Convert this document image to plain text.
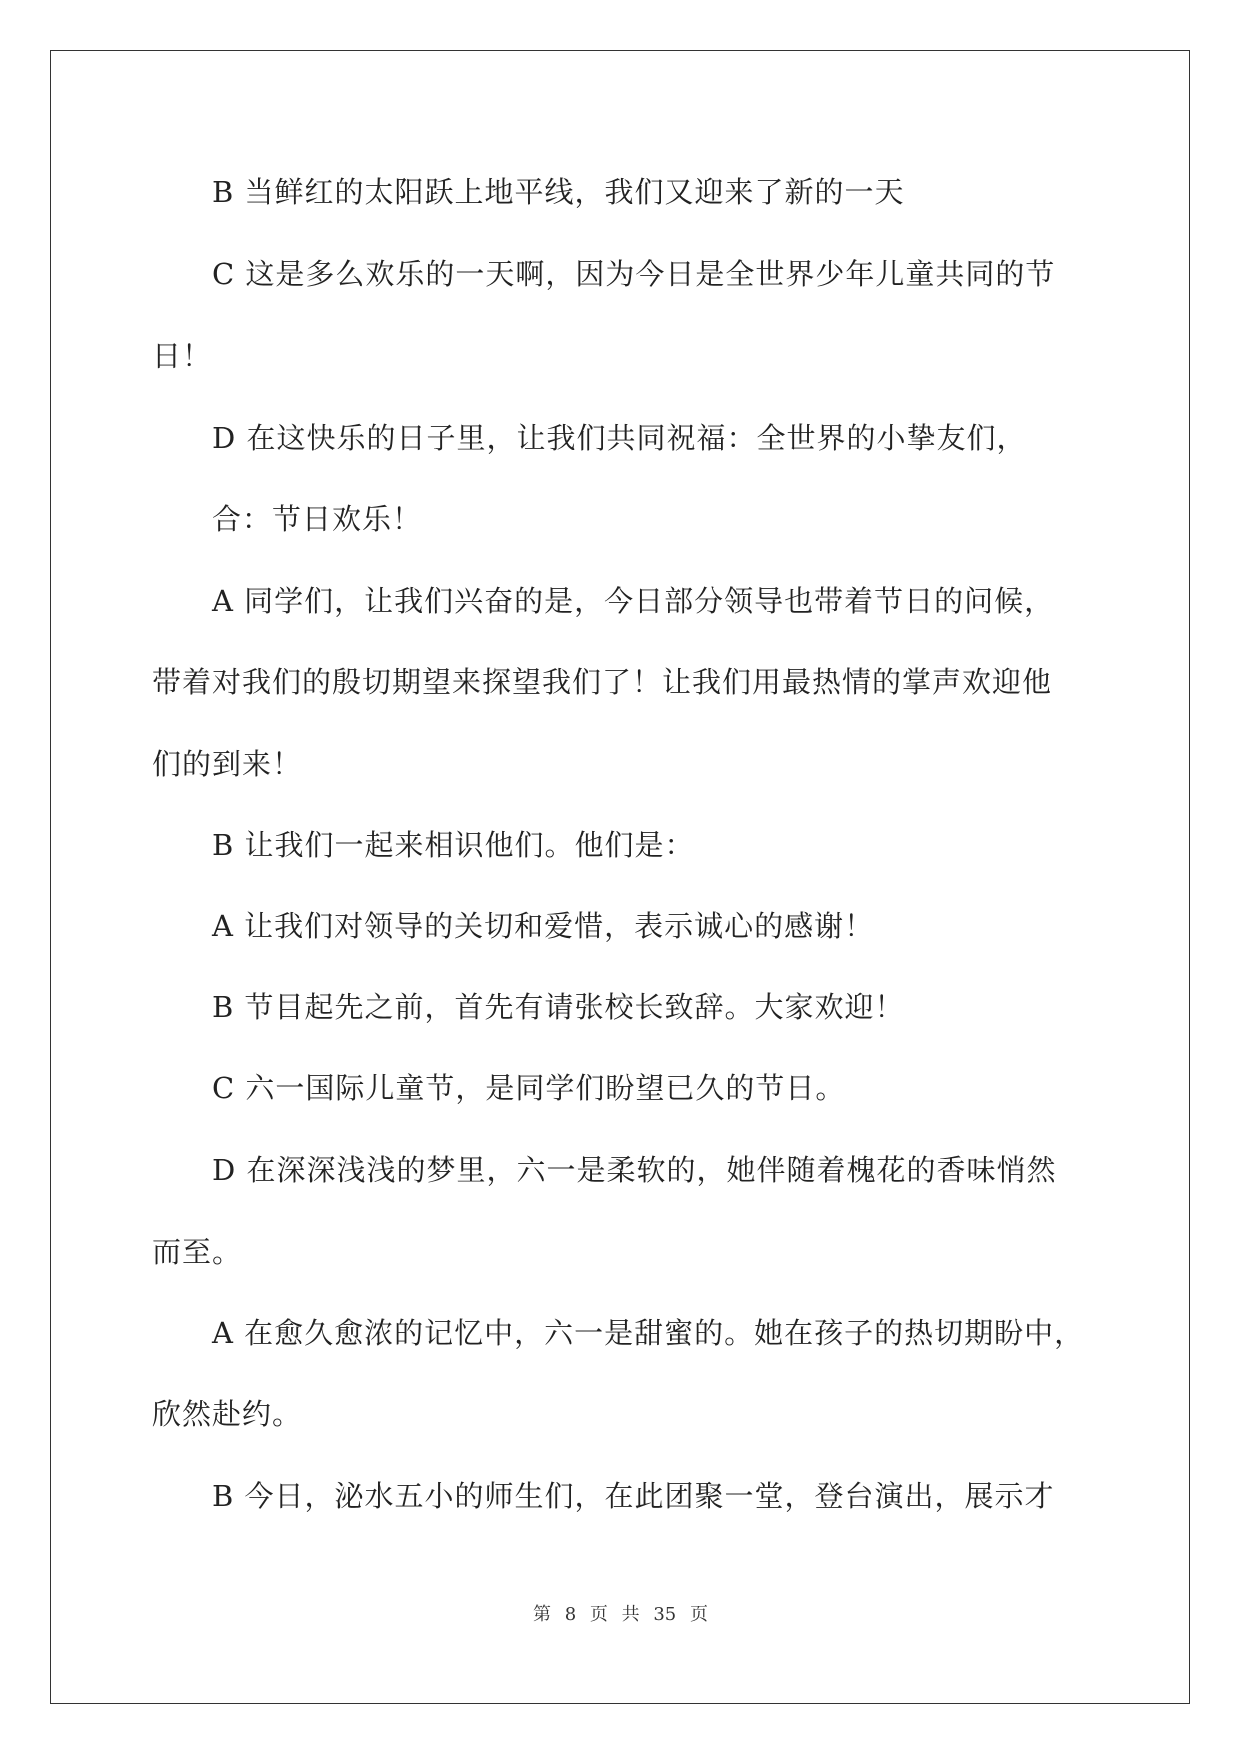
B 当鲜红的太阳跃上地平线，我们又迎来了新的一天
C 这是多么欢乐的一天啊，因为今日是全世界少年儿童共同的节
日！
D 在这快乐的日子里，让我们共同祝福：全世界的小挚友们，
合：节日欢乐！
A 同学们，让我们兴奋的是，今日部分领导也带着节日的问候，
带着对我们的殷切期望来探望我们了！让我们用最热情的掌声欢迎他
们的到来！
B 让我们一起来相识他们。他们是：
A 让我们对领导的关切和爱惜，表示诚心的感谢！
B 节目起先之前，首先有请张校长致辞。大家欢迎！
C 六一国际儿童节，是同学们盼望已久的节日。
D 在深深浅浅的梦里，六一是柔软的，她伴随着槐花的香味悄然
而至。
A 在愈久愈浓的记忆中，六一是甜蜜的。她在孩子的热切期盼中，
欣然赴约。
B 今日，泌水五小的师生们，在此团聚一堂，登台演出，展示才
第 8 页 共 35 页
